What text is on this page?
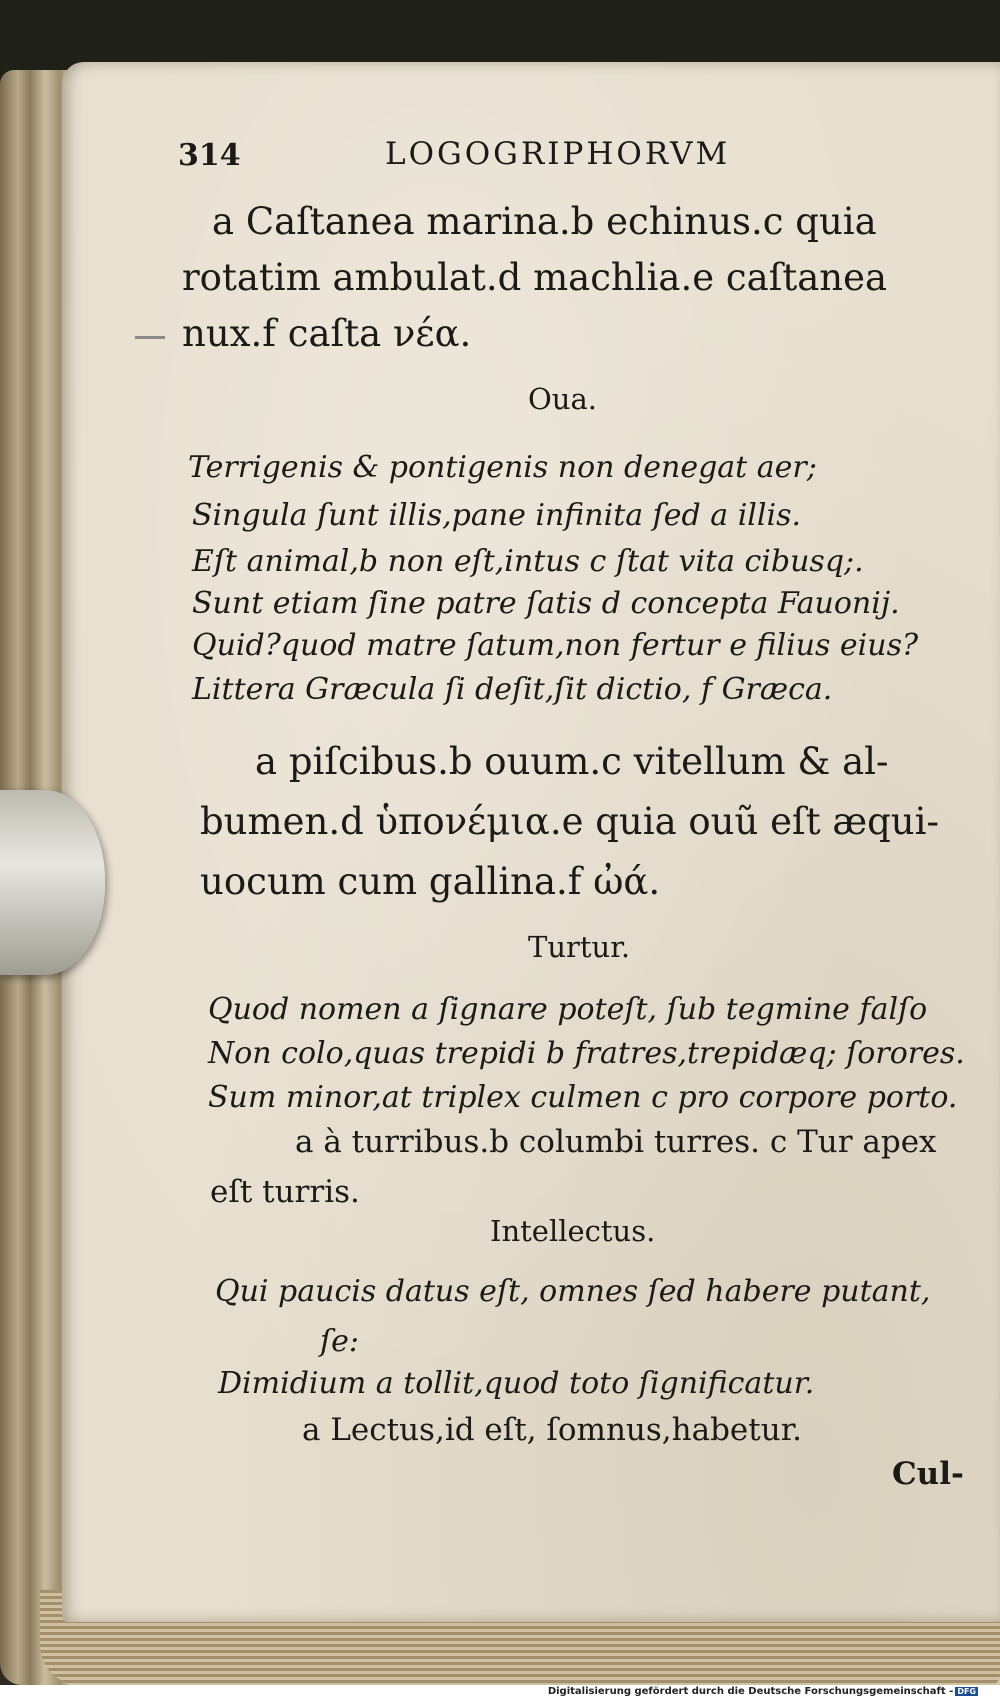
314	LOGOGRIPHORVM
a Caſtanea marina.b echinus.c quia
rotatim ambulat.d machlia.e caſtanea
nux.f caſta νέα.
Oua.
Terrigenis & pontigenis non denegat aer;
Singula ſunt illis,pane infinita ſed a illis.
Eſt animal,b non eſt,intus c ſtat vita cibusq;.
Sunt etiam ſine patre ſatis d concepta Fauonij.
Quid?quod matre ſatum,non fertur e filius eius?
Littera Græcula ſi deſit,ſit dictio, f Græca.
a piſcibus.b ouum.c vitellum & al-
bumen.d ὑπονέμια.e quia ouũ eſt æqui-
uocum cum gallina.f ὠά.
Turtur.
Quod nomen a ſignare poteſt, ſub tegmine falſo
Non colo,quas trepidi b fratres,trepidæq; ſorores.
Sum minor,at triplex culmen c pro corpore porto.
a à turribus.b columbi turres. c Tur apex
eſt turris.
Intellectus.
Qui paucis datus eſt, omnes ſed habere putant,
ſe:
Dimidium a tollit,quod toto ſignificatur.
a Lectus,id eſt, ſomnus,habetur.
Cul-
Digitalisierung gefördert durch die Deutsche Forschungsgemeinschaft - DFG
